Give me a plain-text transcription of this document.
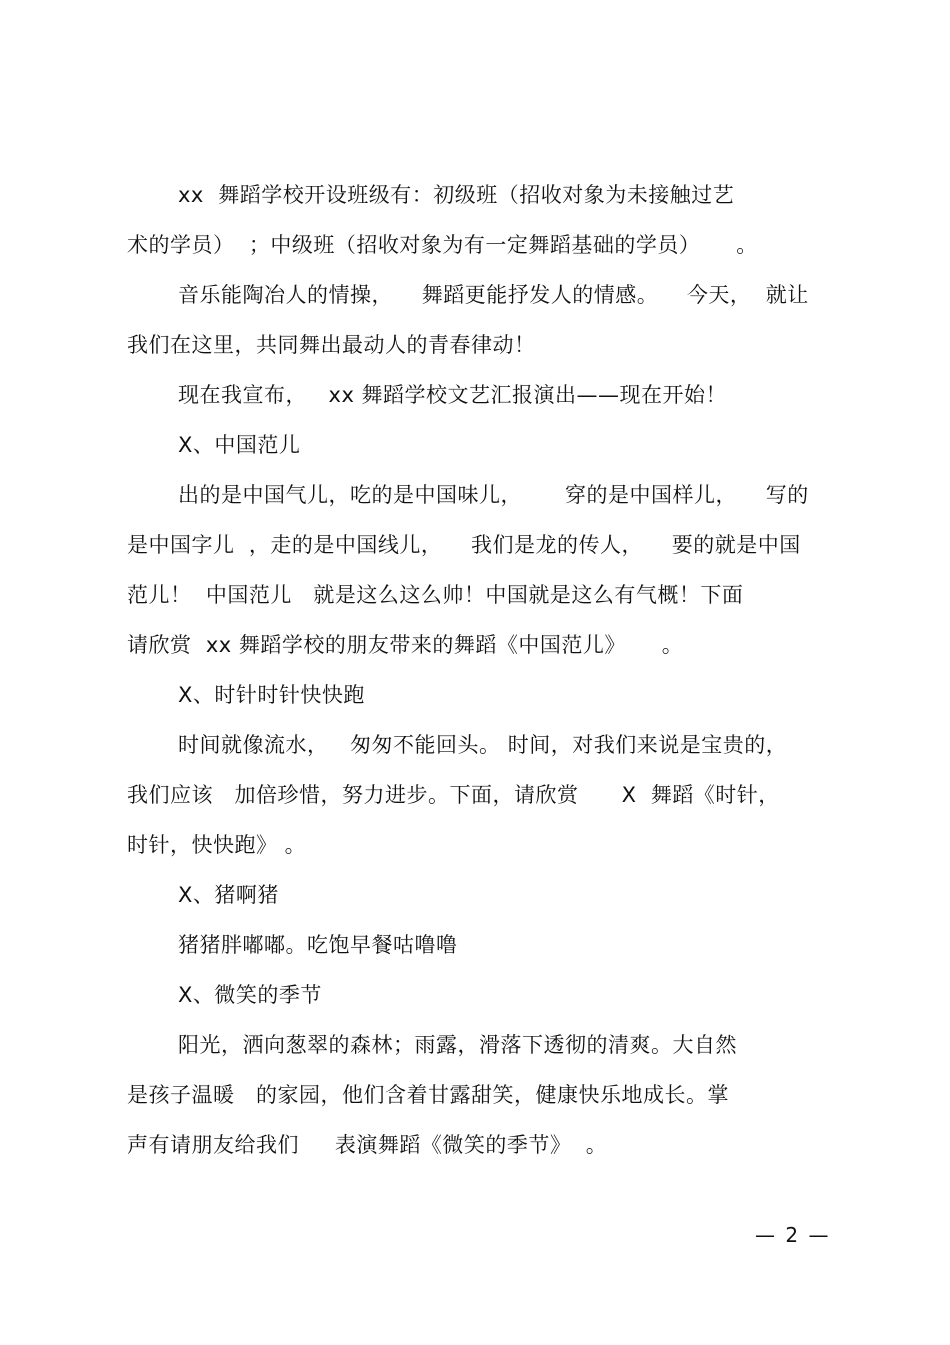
xx  舞蹈学校开设班级有：初级班（招收对象为未接触过艺
术的学员）  ；中级班（招收对象为有一定舞蹈基础的学员）     。
音乐能陶冶人的情操，    舞蹈更能抒发人的情感。    今天，  就让
我们在这里，共同舞出最动人的青春律动！
现在我宣布，   xx 舞蹈学校文艺汇报演出——现在开始！
X、中国范儿
出的是中国气儿，吃的是中国味儿，      穿的是中国样儿，    写的
是中国字儿  ，走的是中国线儿，    我们是龙的传人，    要的就是中国
范儿！  中国范儿   就是这么这么帅！中国就是这么有气概！下面
请欣赏  xx 舞蹈学校的朋友带来的舞蹈《中国范儿》     。
X、时针时针快快跑
时间就像流水，   匆匆不能回头。 时间，对我们来说是宝贵的，
我们应该   加倍珍惜，努力进步。下面，请欣赏      X  舞蹈《时针，
时针，快快跑》 。
X、猪啊猪
猪猪胖嘟嘟。吃饱早餐咕噜噜
X、微笑的季节
阳光，洒向葱翠的森林；雨露，滑落下透彻的清爽。大自然
是孩子温暖   的家园，他们含着甘露甜笑，健康快乐地成长。掌
声有请朋友给我们     表演舞蹈《微笑的季节》  。
— 2 —
